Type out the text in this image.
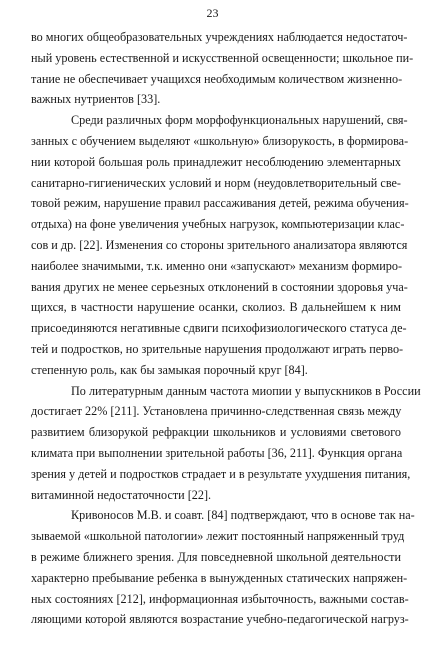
23
во многих общеобразовательных учреждениях наблюдается недостаточ-
ный уровень естественной и искусственной освещенности; школьное пи-
тание не обеспечивает учащихся необходимым количеством жизненно-
важных нутриентов [33].
Среди различных форм морфофункциональных нарушений, свя-
занных с обучением выделяют «школьную» близорукость, в формирова-
нии которой большая роль принадлежит несоблюдению элементарных
санитарно-гигиенических условий и норм (неудовлетворительный све-
товой режим, нарушение правил рассаживания детей, режима обучения-
отдыха) на фоне увеличения учебных нагрузок, компьютеризации клас-
сов и др. [22]. Изменения со стороны зрительного анализатора являются
наиболее значимыми, т.к. именно они «запускают» механизм формиро-
вания других не менее серьезных отклонений в состоянии здоровья уча-
щихся, в частности нарушение осанки, сколиоз. В дальнейшем к ним
присоединяются негативные сдвиги психофизиологического статуса де-
тей и подростков, но зрительные нарушения продолжают играть перво-
степенную роль, как бы замыкая порочный круг [84].
По литературным данным частота миопии у выпускников в России
достигает 22% [211]. Установлена причинно-следственная связь между
развитием близорукой рефракции школьников и условиями светового
климата при выполнении зрительной работы [36, 211]. Функция органа
зрения у детей и подростков страдает и в результате ухудшения питания,
витаминной недостаточности [22].
Кривоносов М.В. и соавт. [84] подтверждают, что в основе так на-
зываемой «школьной патологии» лежит постоянный напряженный труд
в режиме ближнего зрения. Для повседневной школьной деятельности
характерно пребывание ребенка в вынужденных статических напряжен-
ных состояниях [212], информационная избыточность, важными состав-
ляющими которой являются возрастание учебно-педагогической нагруз-
